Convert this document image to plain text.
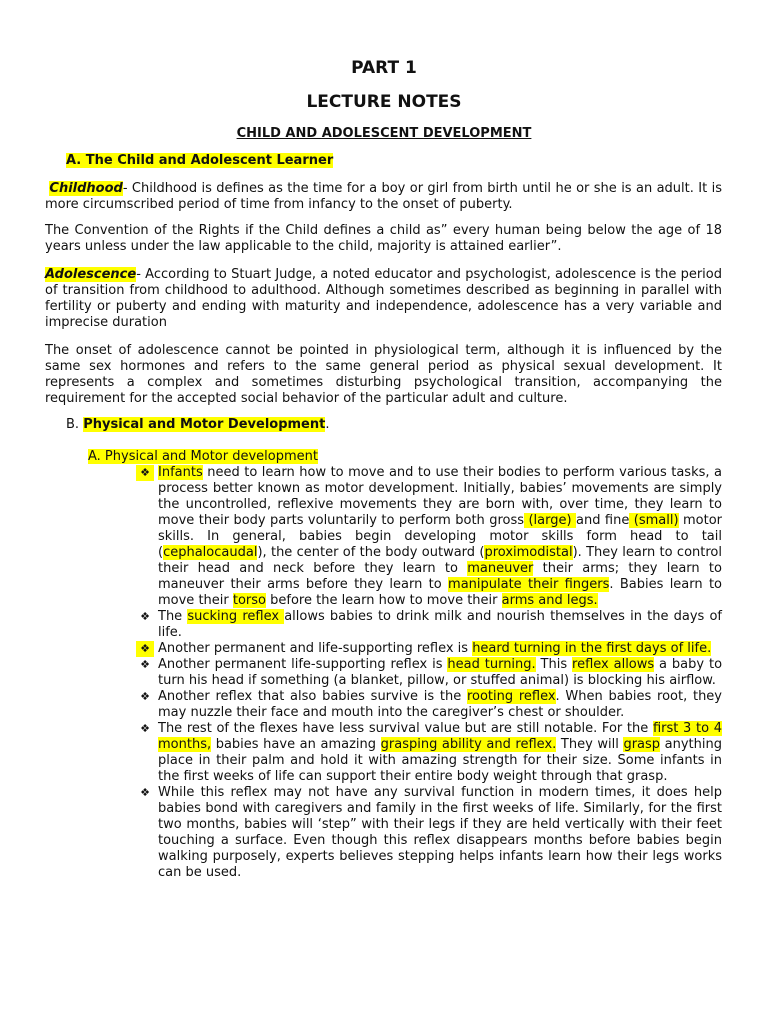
PART 1
LECTURE NOTES
CHILD AND ADOLESCENT DEVELOPMENT
A. The Child and Adolescent Learner

Childhood- Childhood is defines as the time for a boy or girl from birth until he or she is an adult. It is more circumscribed period of time from infancy to the onset of puberty.

The Convention of the Rights if the Child defines a child as” every human being below the age of 18 years unless under the law applicable to the child, majority is attained earlier”.

Adolescence- According to Stuart Judge, a noted educator and psychologist, adolescence is the period of transition from childhood to adulthood. Although sometimes described as beginning in parallel with fertility or puberty and ending with maturity and independence, adolescence has a very variable and imprecise duration

The onset of adolescence cannot be pointed in physiological term, although it is influenced by the same sex hormones and refers to the same general period as physical sexual development. It represents a complex and sometimes disturbing psychological transition, accompanying the requirement for the accepted social behavior of the particular adult and culture.

B. Physical and Motor Development.
A. Physical and Motor development
❖ Infants need to learn how to move and to use their bodies to perform various tasks, a process better known as motor development. Initially, babies’ movements are simply the uncontrolled, reflexive movements they are born with, over time, they learn to move their body parts voluntarily to perform both gross (large) and fine (small) motor skills. In general, babies begin developing motor skills form head to tail (cephalocaudal), the center of the body outward (proximodistal). They learn to control their head and neck before they learn to maneuver their arms; they learn to maneuver their arms before they learn to manipulate their fingers. Babies learn to move their torso before the learn how to move their arms and legs.
❖ The sucking reflex allows babies to drink milk and nourish themselves in the days of life.
❖ Another permanent and life-supporting reflex is heard turning in the first days of life.
❖ Another permanent life-supporting reflex is head turning. This reflex allows a baby to turn his head if something (a blanket, pillow, or stuffed animal) is blocking his airflow.
❖ Another reflex that also babies survive is the rooting reflex. When babies root, they may nuzzle their face and mouth into the caregiver’s chest or shoulder.
❖ The rest of the flexes have less survival value but are still notable. For the first 3 to 4 months, babies have an amazing grasping ability and reflex. They will grasp anything place in their palm and hold it with amazing strength for their size. Some infants in the first weeks of life can support their entire body weight through that grasp.
❖ While this reflex may not have any survival function in modern times, it does help babies bond with caregivers and family in the first weeks of life. Similarly, for the first two months, babies will ‘step” with their legs if they are held vertically with their feet touching a surface. Even though this reflex disappears months before babies begin walking purposely, experts believes stepping helps infants learn how their legs works can be used.
